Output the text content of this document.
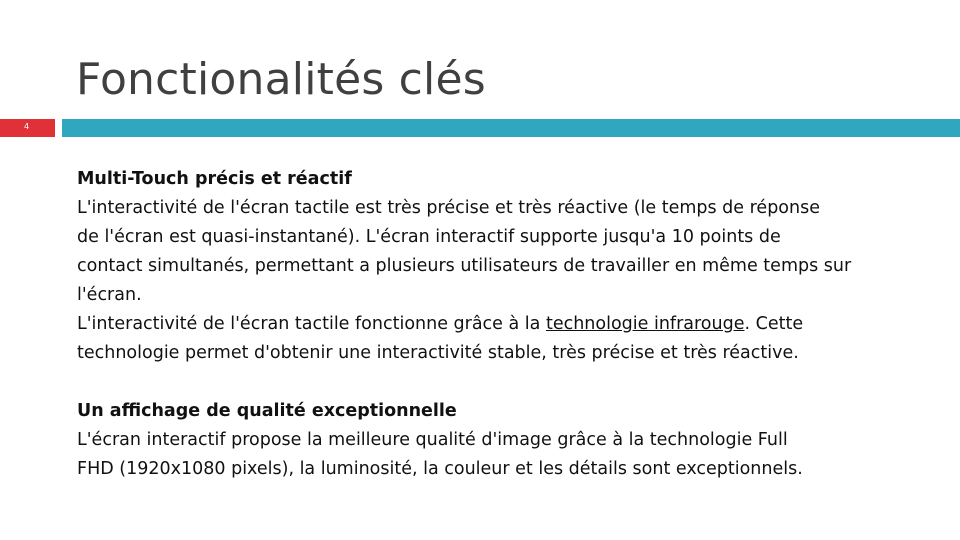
Fonctionalités clés
4

Multi-Touch précis et réactif

L'interactivité de l'écran tactile est très précise et très réactive (le temps de réponse

de l'écran est quasi-instantané). L'écran interactif supporte jusqu'a 10 points de

contact simultanés, permettant a plusieurs utilisateurs de travailler en même temps sur

l'écran.

L'interactivité de l'écran tactile fonctionne grâce à la technologie infrarouge. Cette

technologie permet d'obtenir une interactivité stable, très précise et très réactive.

Un affichage de qualité exceptionnelle

L'écran interactif propose la meilleure qualité d'image grâce à la technologie Full

FHD (1920x1080 pixels), la luminosité, la couleur et les détails sont exceptionnels.
